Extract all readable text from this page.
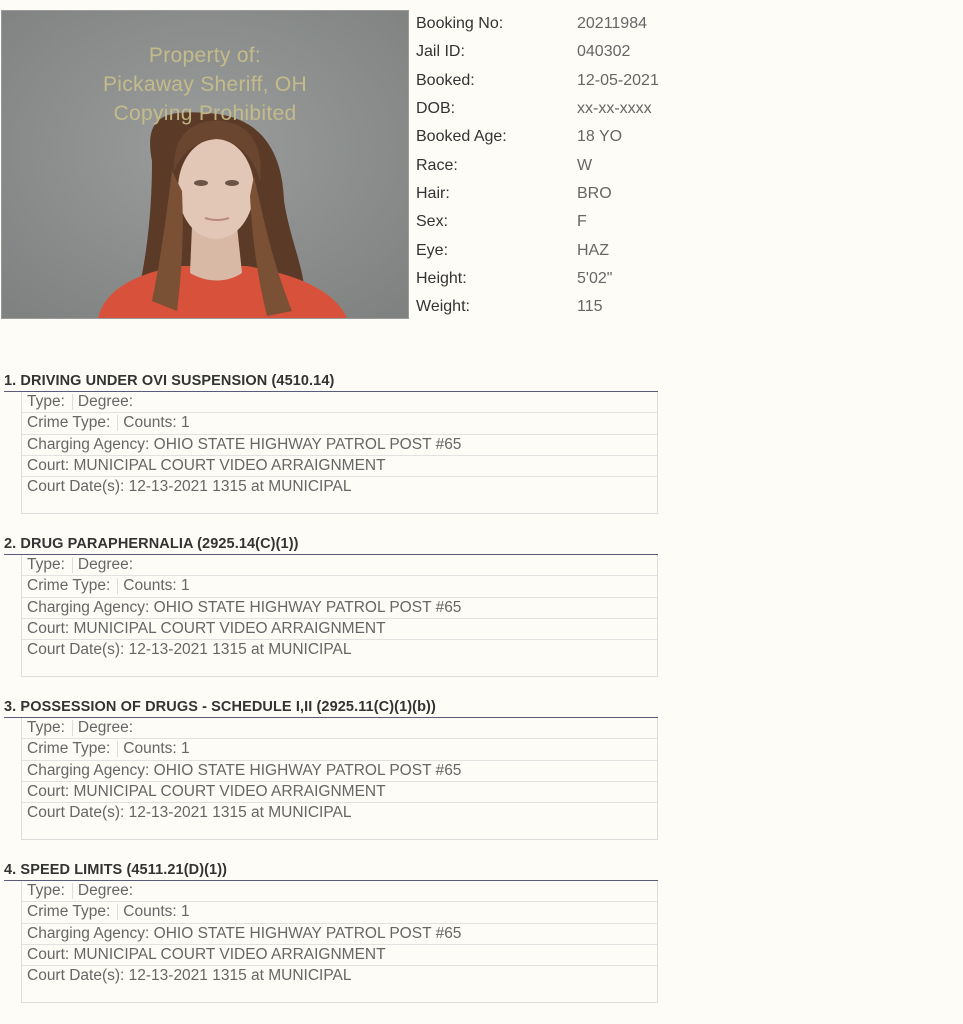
Property of:
Pickaway Sheriff, OH
Copying Prohibited
Booking No:	20211984
Jail ID:	040302
Booked:	12-05-2021
DOB:	xx-xx-xxxx
Booked Age:	18 YO
Race:	W
Hair:	BRO
Sex:	F
Eye:	HAZ
Height:	5'02"
Weight:	115
1. DRIVING UNDER OVI SUSPENSION (4510.14)
Type: Degree:
Crime Type: Counts: 1
Charging Agency: OHIO STATE HIGHWAY PATROL POST #65
Court: MUNICIPAL COURT VIDEO ARRAIGNMENT
Court Date(s): 12-13-2021 1315 at MUNICIPAL
2. DRUG PARAPHERNALIA (2925.14(C)(1))
Type: Degree:
Crime Type: Counts: 1
Charging Agency: OHIO STATE HIGHWAY PATROL POST #65
Court: MUNICIPAL COURT VIDEO ARRAIGNMENT
Court Date(s): 12-13-2021 1315 at MUNICIPAL
3. POSSESSION OF DRUGS - SCHEDULE I,II (2925.11(C)(1)(b))
Type: Degree:
Crime Type: Counts: 1
Charging Agency: OHIO STATE HIGHWAY PATROL POST #65
Court: MUNICIPAL COURT VIDEO ARRAIGNMENT
Court Date(s): 12-13-2021 1315 at MUNICIPAL
4. SPEED LIMITS (4511.21(D)(1))
Type: Degree:
Crime Type: Counts: 1
Charging Agency: OHIO STATE HIGHWAY PATROL POST #65
Court: MUNICIPAL COURT VIDEO ARRAIGNMENT
Court Date(s): 12-13-2021 1315 at MUNICIPAL
